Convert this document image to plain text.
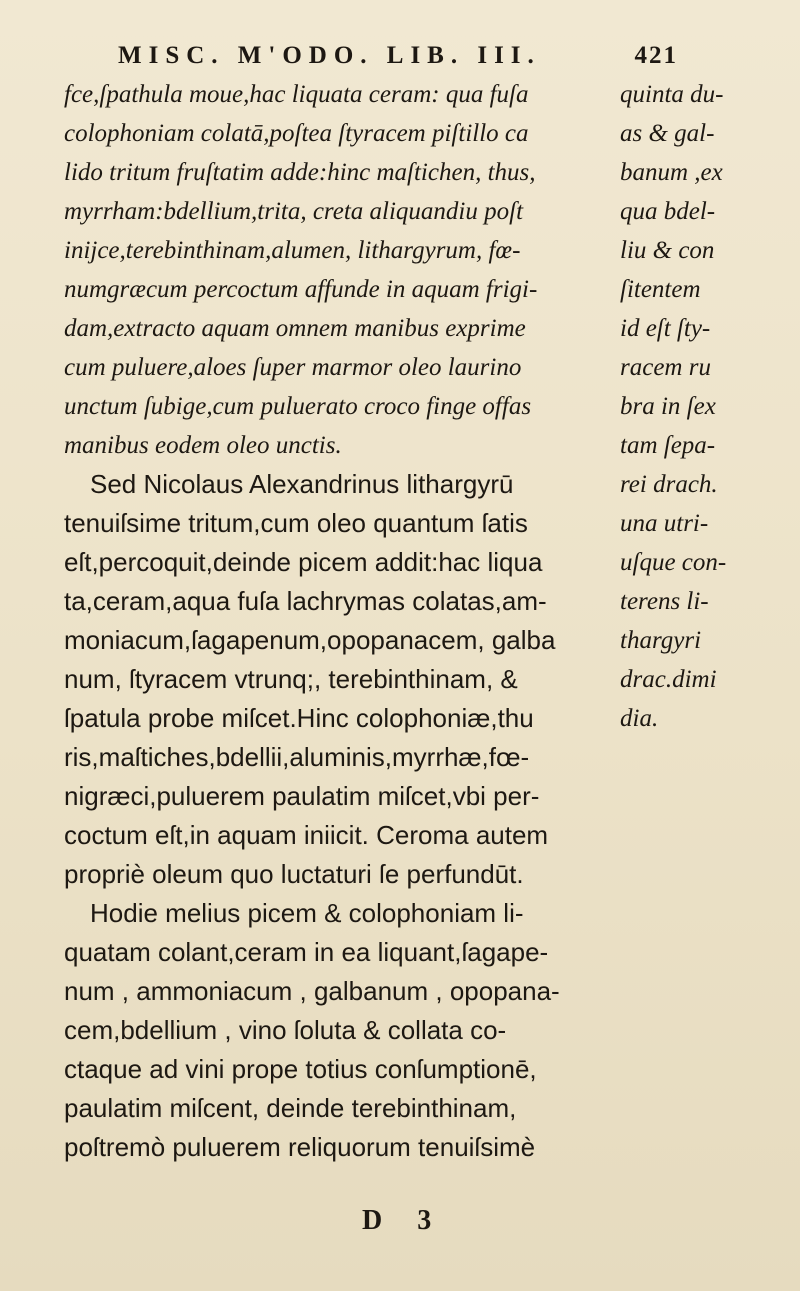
MISC. M'ODO. LIB. III.	421
fce,ſpathula moue,hac liquata ceram: qua fuſa
colophoniam colatā,poſtea ſtyracem piſtillo ca
lido tritum fruſtatim adde:hinc maſtichen, thus,
myrrham:bdellium,trita, creta aliquandiu poſt
inijce,terebinthinam,alumen, lithargyrum, fœ-
numgræcum percoctum affunde in aquam frigi-
dam,extracto aquam omnem manibus exprime
cum puluere,aloes ſuper marmor oleo laurino
unctum ſubige,cum puluerato croco finge offas
manibus eodem oleo unctis.
Sed Nicolaus Alexandrinus lithargyrū
tenuiſsime tritum,cum oleo quantum ſatis
eſt,percoquit,deinde picem addit:hac liqua
ta,ceram,aqua fuſa lachrymas colatas,am-
moniacum,ſagapenum,opopanacem, galba
num, ſtyracem vtrunq;, terebinthinam, &
ſpatula probe miſcet.Hinc colophoniæ,thu
ris,maſtiches,bdellii,aluminis,myrrhæ,fœ-
nigræci,puluerem paulatim miſcet,vbi per-
coctum eſt,in aquam iniicit. Ceroma autem
propriè oleum quo luctaturi ſe perfundūt.
Hodie melius picem & colophoniam li-
quatam colant,ceram in ea liquant,ſagape-
num , ammoniacum , galbanum , opopana-
cem,bdellium , vino ſoluta & collata co-
ctaque ad vini prope totius conſumptionē,
paulatim miſcent, deinde terebinthinam,
poſtremò puluerem reliquorum tenuiſsimè
quinta du-
as & gal-
banum ,ex
qua bdel-
liu & con
ſitentem
id eſt ſty-
racem ru
bra in ſex
tam ſepa-
rei drach.
una utri-
uſque con-
terens li-
thargyri
drac.dimi
dia.
D 3
